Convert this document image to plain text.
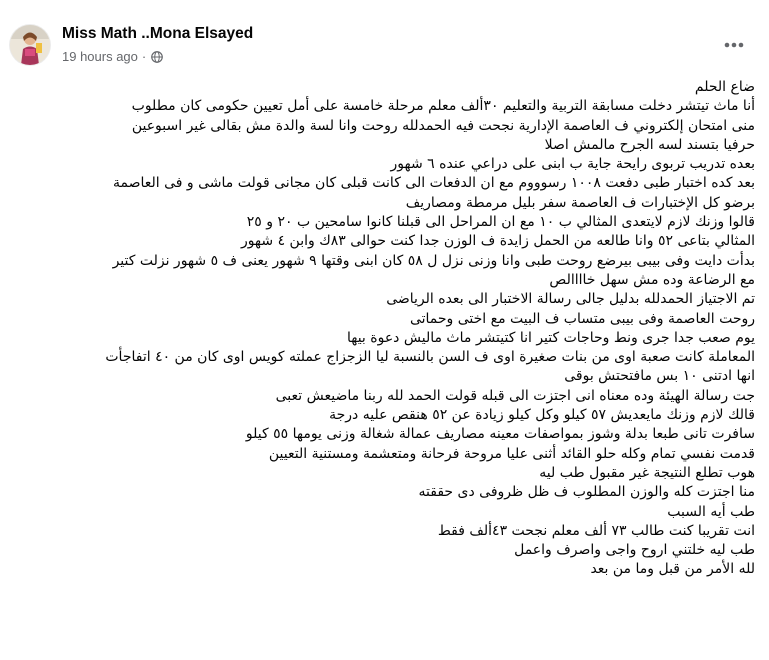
Miss Math ..Mona Elsayed
19 hours ago ·
ضاع الحلم
أنا ماث تيتشر دخلت مسابقة التربية والتعليم ٣٠ألف معلم مرحلة خامسة على أمل تعيين حكومى كان مطلوب
منى امتحان إلكتروني ف العاصمة الإدارية نجحت فيه الحمدلله روحت وانا لسة والدة مش بقالى غير اسبوعين
حرفيا بتسند لسه الجرح مالمش اصلا
بعده تدريب تربوى رايحة جاية ب ابنى على دراعي عنده ٦ شهور
بعد كده اختبار طبى دفعت ١٠٠٨ رسوووم مع ان الدفعات الى كانت قبلى كان مجانى قولت ماشى و فى العاصمة
برضو كل الإختبارات ف العاصمة سفر بليل مرمطة ومصاريف
قالوا وزنك لازم لايتعدى المثالي ب ١٠ مع ان المراحل الى قبلنا كانوا سامحين ب ٢٠ و ٢٥
المثالي بتاعى ٥٢ وانا طالعه من الحمل زايدة ف الوزن جدا كنت حوالى ٨٣ك وابن ٤ شهور
بدأت دايت وفى بيبى بيرضع روحت طبى وانا وزنى نزل ل ٥٨ كان ابنى وقتها ٩ شهور يعنى ف ٥ شهور نزلت كتير
مع الرضاعة وده مش سهل خاااالص
تم الاجتياز الحمدلله بدليل جالى رسالة الاختبار الى بعده الرياضى
روحت العاصمة وفى بيبى متساب ف البيت مع اختى وحماتى
يوم صعب جدا جرى ونط وحاجات كتير انا كتيتشر ماث ماليش دعوة بيها
المعاملة كانت صعبة اوى من بنات صغيرة اوى ف السن بالنسبة ليا الزجزاج عملته كويس اوى كان من ٤٠ اتفاجأت
انها ادتنى ١٠ بس مافتحتش بوقى
جت رسالة الهيئة وده معناه انى اجتزت الى قبله قولت الحمد لله ربنا ماضيعش تعبى
قالك لازم وزنك مايعديش ٥٧ كيلو وكل كيلو زيادة عن ٥٢ هنقص عليه درجة
سافرت تانى طبعا بدلة وشوز بمواصفات معينه مصاريف عمالة شغالة وزنى يومها ٥٥ كيلو
قدمت نفسي تمام وكله حلو القائد أثنى عليا مروحة فرحانة ومتعشمة ومستنية التعيين
هوب تطلع النتيجة غير مقبول طب ليه
منا اجتزت كله والوزن المطلوب ف ظل ظروفى دى حققته
طب أيه السبب
انت تقريبا كنت طالب ٧٣ ألف معلم نجحت ٤٣ألف فقط
طب ليه خلتني اروح واجى واصرف واعمل
لله الأمر من قبل وما من بعد
